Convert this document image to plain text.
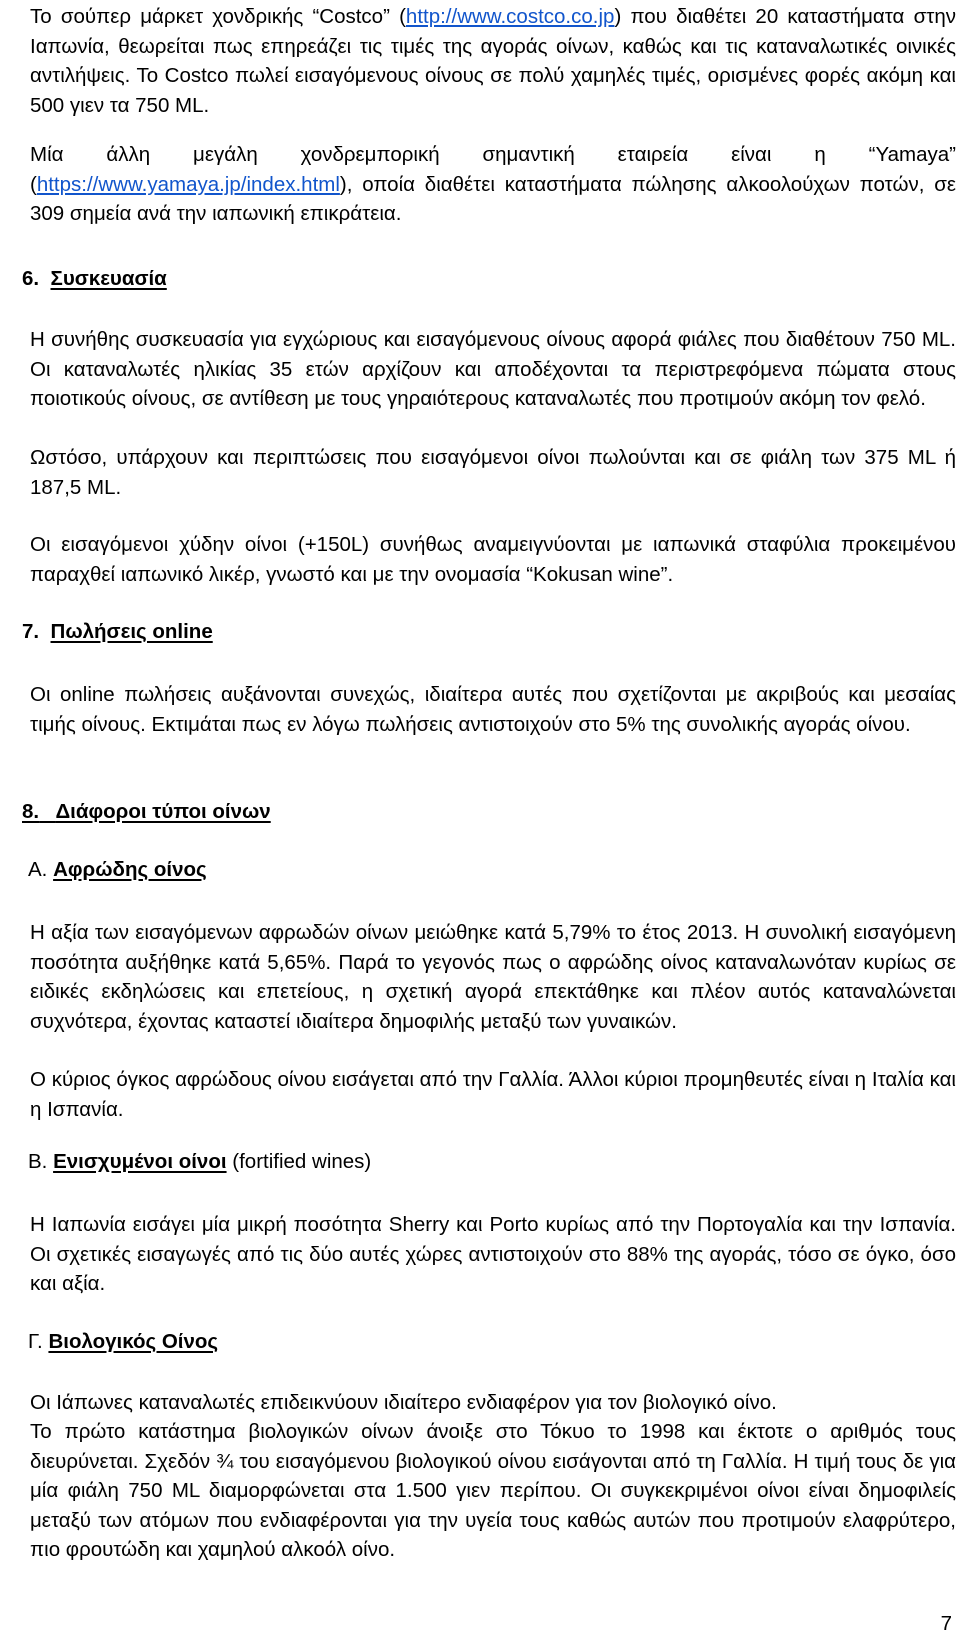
Το σούπερ μάρκετ χονδρικής “Costco” (http://www.costco.co.jp) που διαθέτει 20 καταστήματα στην Ιαπωνία, θεωρείται πως επηρεάζει τις τιμές της αγοράς οίνων, καθώς και τις καταναλωτικές οινικές αντιλήψεις. Το Costco πωλεί εισαγόμενους οίνους σε πολύ χαμηλές τιμές, ορισμένες φορές ακόμη και 500 γιεν τα 750 ML.
Μία άλλη μεγάλη χονδρεμπορική σημαντική εταιρεία είναι η “Yamaya” (https://www.yamaya.jp/index.html), οποία διαθέτει καταστήματα πώλησης αλκοολούχων ποτών, σε 309 σημεία ανά την ιαπωνική επικράτεια.
6. Συσκευασία
Η συνήθης συσκευασία για εγχώριους και εισαγόμενους οίνους αφορά φιάλες που διαθέτουν 750 ML. Οι καταναλωτές ηλικίας 35 ετών αρχίζουν και αποδέχονται τα περιστρεφόμενα πώματα στους ποιοτικούς οίνους, σε αντίθεση με τους γηραιότερους καταναλωτές που προτιμούν ακόμη τον φελό.
Ωστόσο, υπάρχουν και περιπτώσεις που εισαγόμενοι οίνοι πωλούνται και σε φιάλη των 375 ML ή 187,5 ML.
Οι εισαγόμενοι χύδην οίνοι (+150L) συνήθως αναμειγνύονται με ιαπωνικά σταφύλια προκειμένου παραχθεί ιαπωνικό λικέρ, γνωστό και με την ονομασία “Kokusan wine”.
7. Πωλήσεις online
Οι online πωλήσεις αυξάνονται συνεχώς, ιδιαίτερα αυτές που σχετίζονται με ακριβούς και μεσαίας τιμής οίνους. Εκτιμάται πως εν λόγω πωλήσεις αντιστοιχούν στο 5% της συνολικής αγοράς οίνου.
8. Διάφοροι τύποι οίνων
Α. Αφρώδης οίνος
Η αξία των εισαγόμενων αφρωδών οίνων μειώθηκε κατά 5,79% το έτος 2013. Η συνολική εισαγόμενη ποσότητα αυξήθηκε κατά 5,65%. Παρά το γεγονός πως ο αφρώδης οίνος καταναλωνόταν κυρίως σε ειδικές εκδηλώσεις και επετείους, η σχετική αγορά επεκτάθηκε και πλέον αυτός καταναλώνεται συχνότερα, έχοντας καταστεί ιδιαίτερα δημοφιλής μεταξύ των γυναικών.
Ο κύριος όγκος αφρώδους οίνου εισάγεται από την Γαλλία. Άλλοι κύριοι προμηθευτές είναι η Ιταλία και η Ισπανία.
Β. Ενισχυμένοι οίνοι (fortified wines)
Η Ιαπωνία εισάγει μία μικρή ποσότητα Sherry και Porto κυρίως από την Πορτογαλία και την Ισπανία. Οι σχετικές εισαγωγές από τις δύο αυτές χώρες αντιστοιχούν στο 88% της αγοράς, τόσο σε όγκο, όσο και αξία.
Γ. Βιολογικός Οίνος
Οι Ιάπωνες καταναλωτές επιδεικνύουν ιδιαίτερο ενδιαφέρον για τον βιολογικό οίνο.
Το πρώτο κατάστημα βιολογικών οίνων άνοιξε στο Τόκυο το 1998 και έκτοτε ο αριθμός τους διευρύνεται. Σχεδόν ¾ του εισαγόμενου βιολογικού οίνου εισάγονται από τη Γαλλία. Η τιμή τους δε για μία φιάλη 750 ML διαμορφώνεται στα 1.500 γιεν περίπου. Οι συγκεκριμένοι οίνοι είναι δημοφιλείς μεταξύ των ατόμων που ενδιαφέρονται για την υγεία τους καθώς αυτών που προτιμούν ελαφρύτερο, πιο φρουτώδη και χαμηλού αλκοόλ οίνο.
7
